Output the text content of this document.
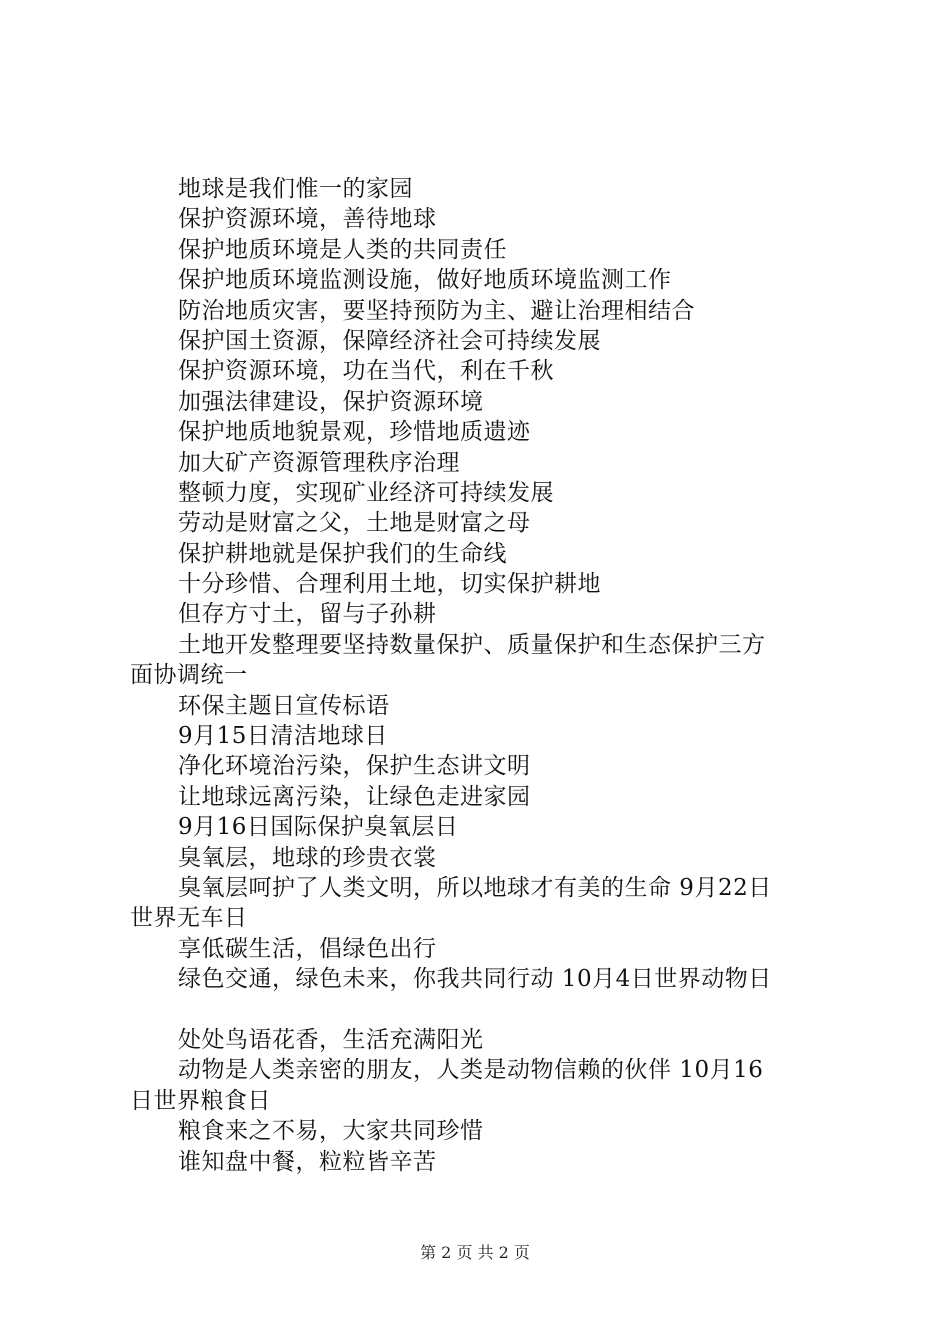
地球是我们惟一的家园
保护资源环境，善待地球
保护地质环境是人类的共同责任
保护地质环境监测设施，做好地质环境监测工作
防治地质灾害，要坚持预防为主、避让治理相结合
保护国土资源，保障经济社会可持续发展
保护资源环境，功在当代，利在千秋
加强法律建设，保护资源环境
保护地质地貌景观，珍惜地质遗迹
加大矿产资源管理秩序治理
整顿力度，实现矿业经济可持续发展
劳动是财富之父，土地是财富之母
保护耕地就是保护我们的生命线
十分珍惜、合理利用土地，切实保护耕地
但存方寸土，留与子孙耕
土地开发整理要坚持数量保护、质量保护和生态保护三方
面协调统一
环保主题日宣传标语
9月15日清洁地球日
净化环境治污染，保护生态讲文明
让地球远离污染，让绿色走进家园
9月16日国际保护臭氧层日
臭氧层，地球的珍贵衣裳
臭氧层呵护了人类文明，所以地球才有美的生命 9月22日
世界无车日
享低碳生活，倡绿色出行
绿色交通，绿色未来，你我共同行动 10月4日世界动物日
处处鸟语花香，生活充满阳光
动物是人类亲密的朋友，人类是动物信赖的伙伴 10月16
日世界粮食日
粮食来之不易，大家共同珍惜
谁知盘中餐，粒粒皆辛苦
第 2 页 共 2 页
